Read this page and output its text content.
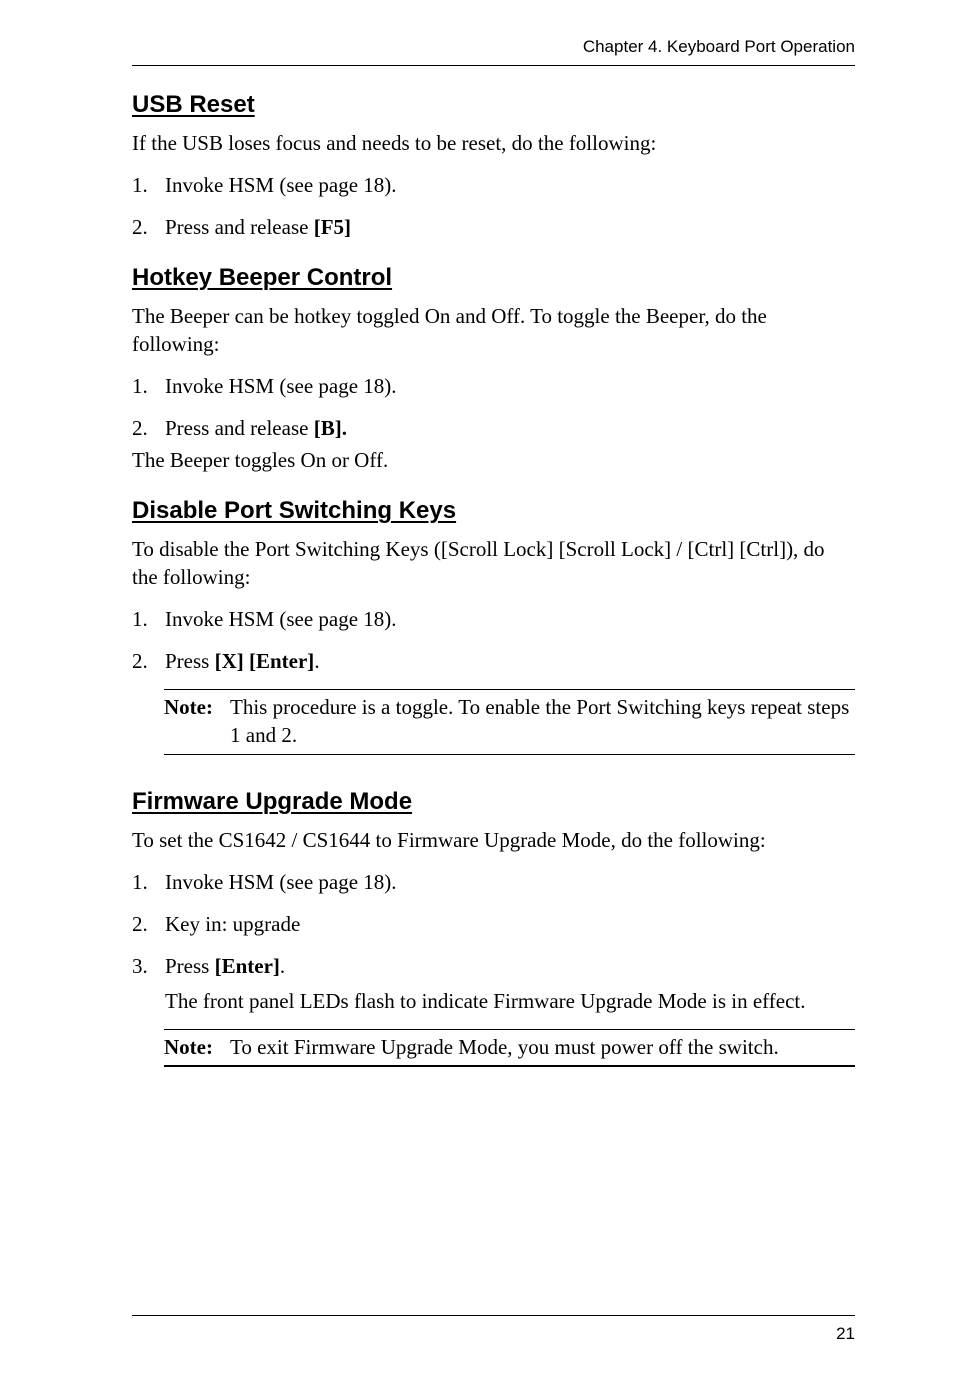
Chapter 4. Keyboard Port Operation
USB Reset

If the USB loses focus and needs to be reset, do the following:

1. Invoke HSM (see page 18).
2. Press and release [F5]
Hotkey Beeper Control

The Beeper can be hotkey toggled On and Off. To toggle the Beeper, do the following:

1. Invoke HSM (see page 18).
2. Press and release [B].

The Beeper toggles On or Off.

Disable Port Switching Keys

To disable the Port Switching Keys ([Scroll Lock] [Scroll Lock] / [Ctrl] [Ctrl]), do the following:

1. Invoke HSM (see page 18).
2. Press [X] [Enter].
Note: This procedure is a toggle. To enable the Port Switching keys repeat steps 1 and 2.
Firmware Upgrade Mode

To set the CS1642 / CS1644 to Firmware Upgrade Mode, do the following:

1. Invoke HSM (see page 18).
2. Key in: upgrade
3. Press [Enter].
The front panel LEDs flash to indicate Firmware Upgrade Mode is in effect.
Note: To exit Firmware Upgrade Mode, you must power off the switch.
21
